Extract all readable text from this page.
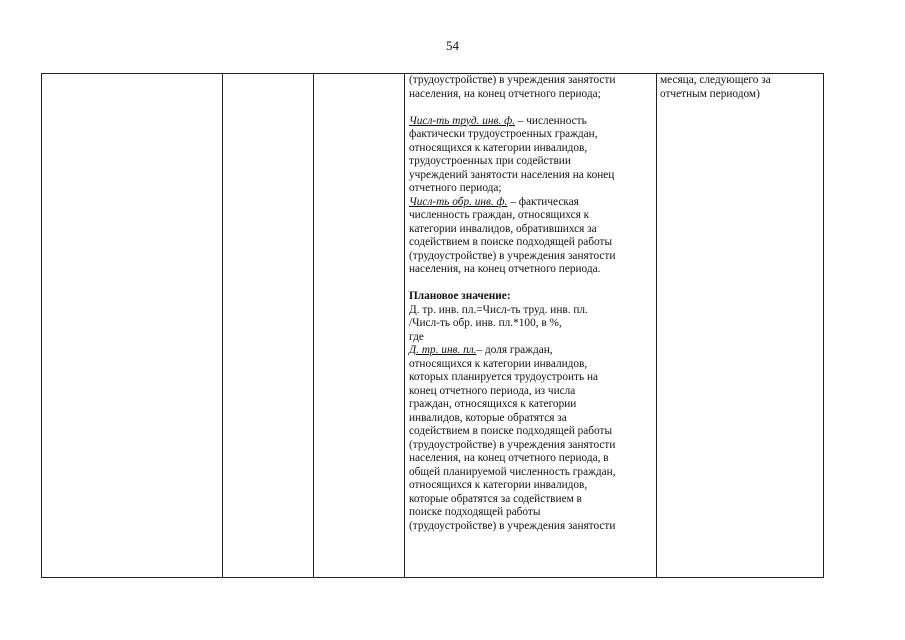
54
(трудоустройстве) в учреждения занятости
населения, на конец отчетного периода;
Числ-ть труд. инв. ф. – численность
фактически трудоустроенных граждан,
относящихся к категории инвалидов,
трудоустроенных при содействии
учреждений занятости населения на конец
отчетного периода;
Числ-ть обр. инв. ф. – фактическая
численность граждан, относящихся к
категории инвалидов, обратившихся за
содействием в поиске подходящей работы
(трудоустройстве) в учреждения занятости
населения, на конец отчетного периода.
Плановое значение:
Д. тр. инв. пл.=Числ-ть труд. инв. пл.
/Числ-ть обр. инв. пл.*100, в %,
где
Д. тр. инв. пл.– доля граждан,
относящихся к категории инвалидов,
которых планируется трудоустроить на
конец отчетного периода, из числа
граждан, относящихся к категории
инвалидов, которые обратятся за
содействием в поиске подходящей работы
(трудоустройстве) в учреждения занятости
населения, на конец отчетного периода, в
общей планируемой численность граждан,
относящихся к категории инвалидов,
которые обратятся за содействием в
поиске подходящей работы
(трудоустройстве) в учреждения занятости
месяца, следующего за
отчетным периодом)
